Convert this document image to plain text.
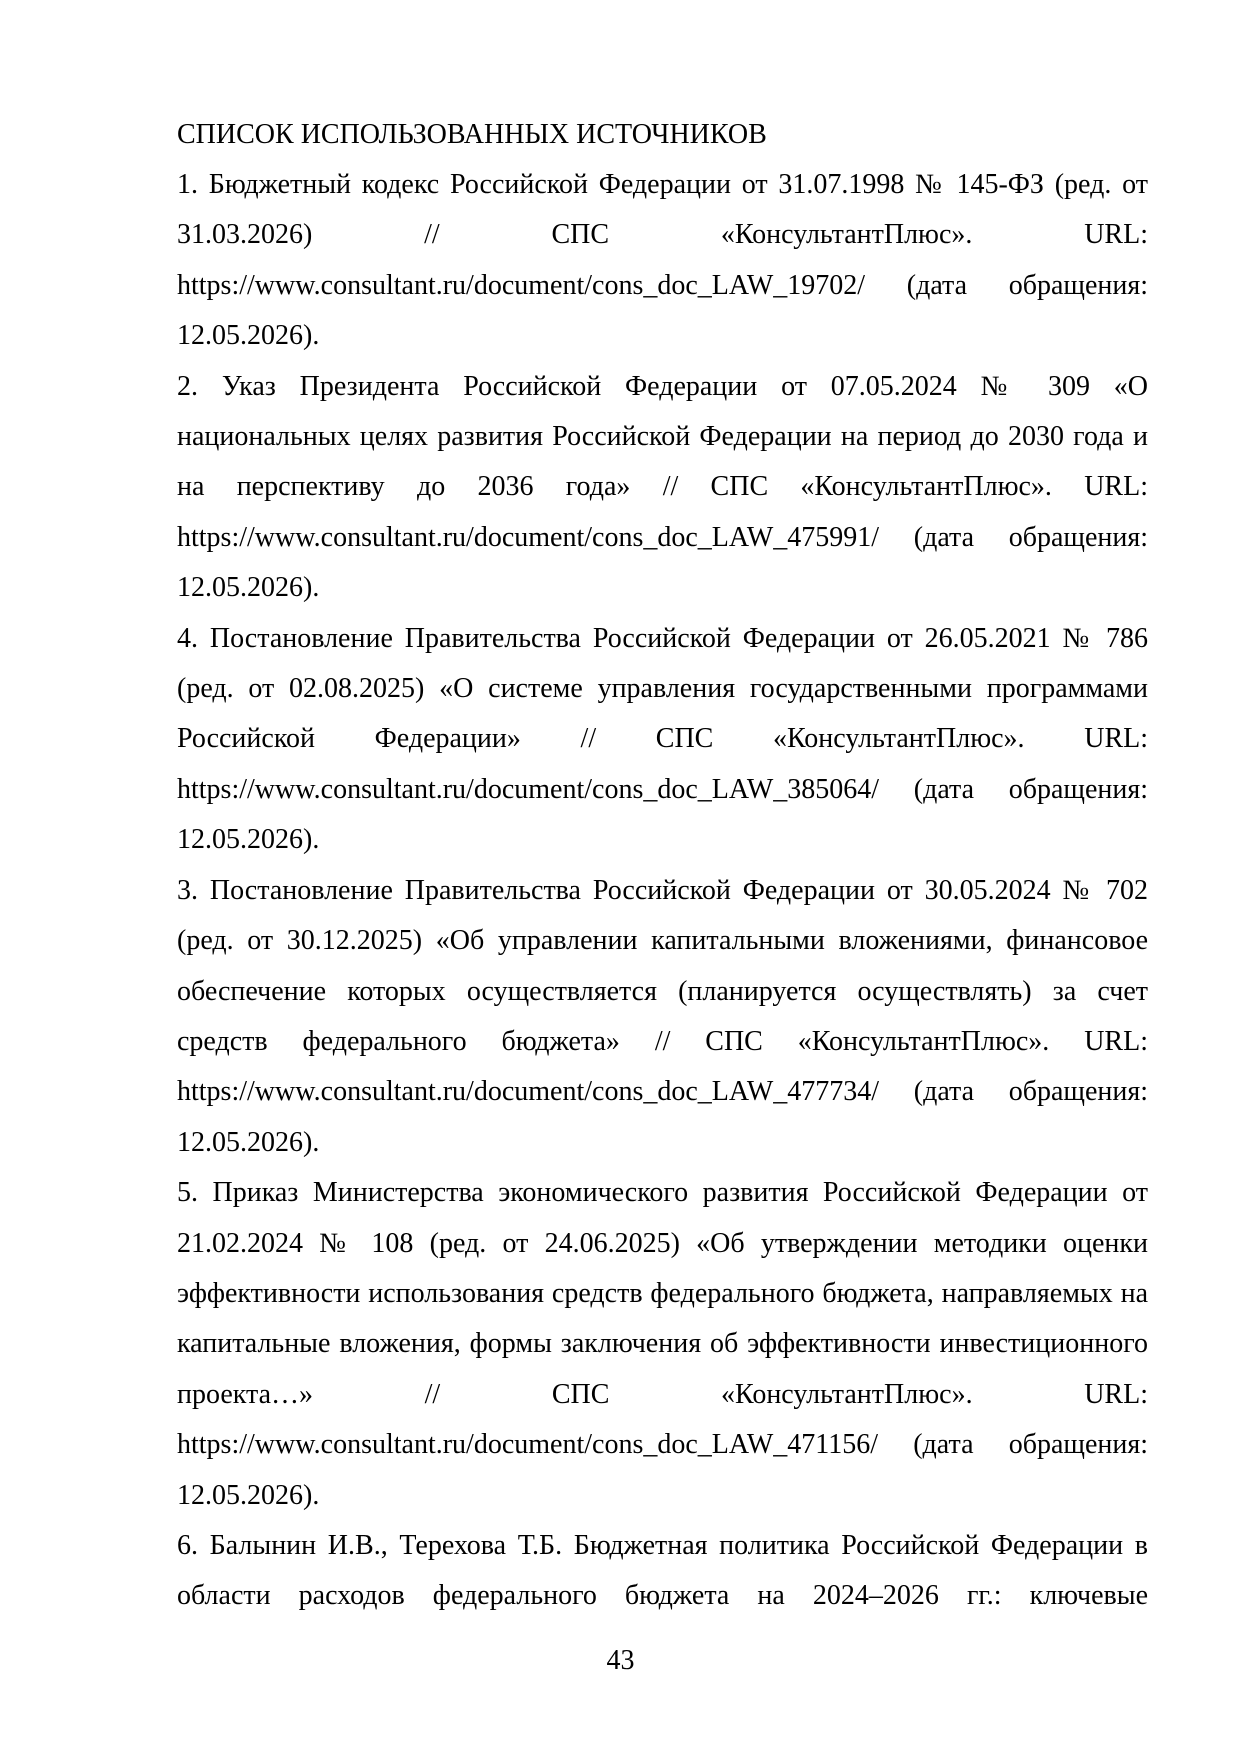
СПИСОК ИСПОЛЬЗОВАННЫХ ИСТОЧНИКОВ
1. Бюджетный кодекс Российской Федерации от 31.07.1998 № 145-ФЗ (ред. от 31.03.2026) // СПС «КонсультантПлюс». URL: https://www.consultant.ru/document/cons_doc_LAW_19702/ (дата обращения: 12.05.2026).
2. Указ Президента Российской Федерации от 07.05.2024 № 309 «О национальных целях развития Российской Федерации на период до 2030 года и на перспективу до 2036 года» // СПС «КонсультантПлюс». URL: https://www.consultant.ru/document/cons_doc_LAW_475991/ (дата обращения: 12.05.2026).
4. Постановление Правительства Российской Федерации от 26.05.2021 № 786 (ред. от 02.08.2025) «О системе управления государственными программами Российской Федерации» // СПС «КонсультантПлюс». URL: https://www.consultant.ru/document/cons_doc_LAW_385064/ (дата обращения: 12.05.2026).
3. Постановление Правительства Российской Федерации от 30.05.2024 № 702 (ред. от 30.12.2025) «Об управлении капитальными вложениями, финансовое обеспечение которых осуществляется (планируется осуществлять) за счет средств федерального бюджета» // СПС «КонсультантПлюс». URL: https://www.consultant.ru/document/cons_doc_LAW_477734/ (дата обращения: 12.05.2026).
5. Приказ Министерства экономического развития Российской Федерации от 21.02.2024 № 108 (ред. от 24.06.2025) «Об утверждении методики оценки эффективности использования средств федерального бюджета, направляемых на капитальные вложения, формы заключения об эффективности инвестиционного проекта…» // СПС «КонсультантПлюс». URL: https://www.consultant.ru/document/cons_doc_LAW_471156/ (дата обращения: 12.05.2026).
6. Балынин И.В., Терехова Т.Б. Бюджетная политика Российской Федерации в области расходов федерального бюджета на 2024–2026 гг.: ключевые
43
